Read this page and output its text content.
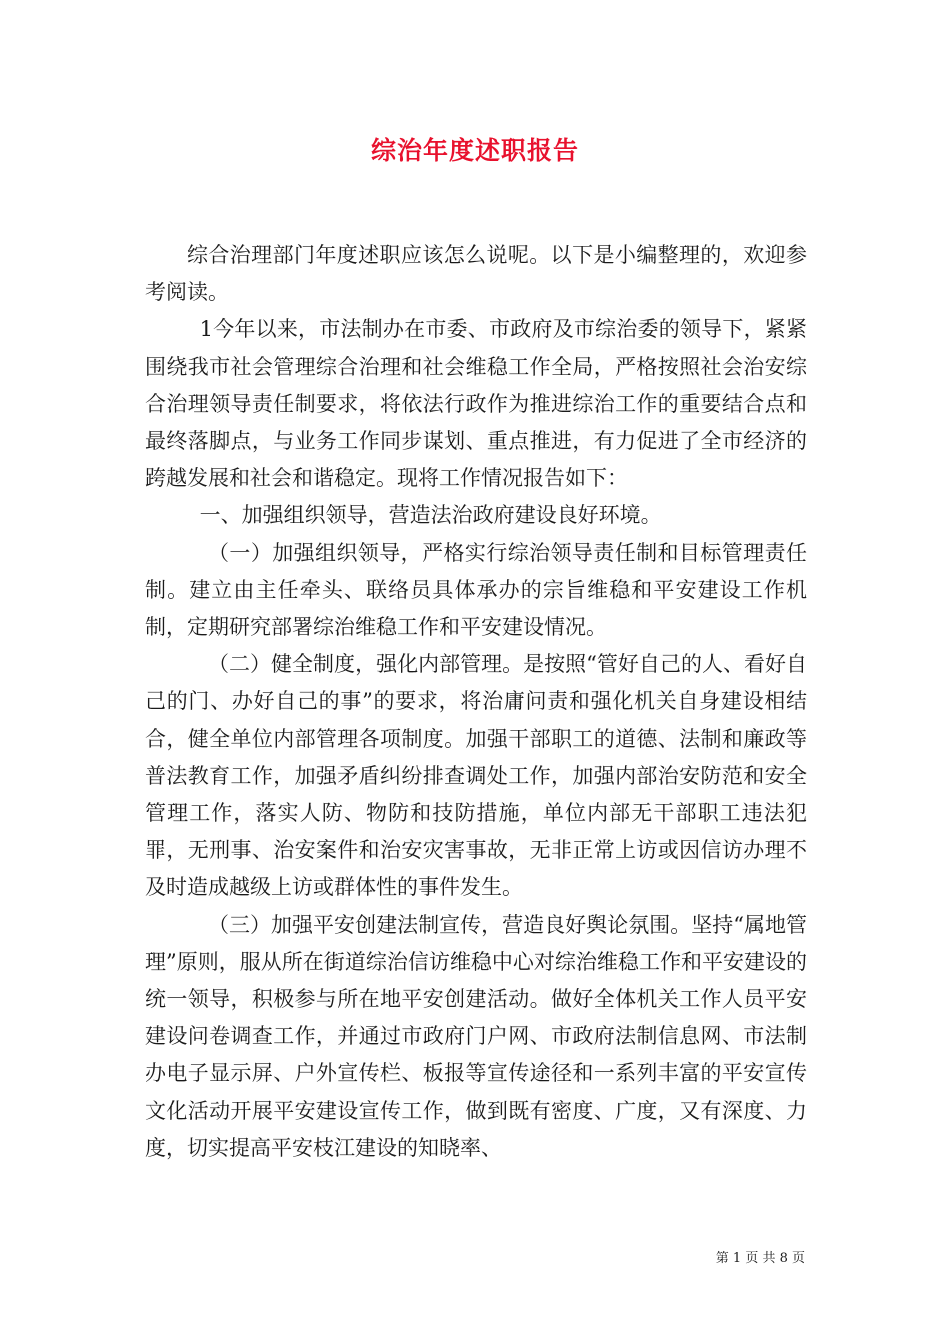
综治年度述职报告

综合治理部门年度述职应该怎么说呢。以下是小编整理的，欢迎参考阅读。

1今年以来，市法制办在市委、市政府及市综治委的领导下，紧紧围绕我市社会管理综合治理和社会维稳工作全局，严格按照社会治安综合治理领导责任制要求，将依法行政作为推进综治工作的重要结合点和最终落脚点，与业务工作同步谋划、重点推进，有力促进了全市经济的跨越发展和社会和谐稳定。现将工作情况报告如下：

一、加强组织领导，营造法治政府建设良好环境。

（一）加强组织领导，严格实行综治领导责任制和目标管理责任制。建立由主任牵头、联络员具体承办的宗旨维稳和平安建设工作机制，定期研究部署综治维稳工作和平安建设情况。

（二）健全制度，强化内部管理。是按照“管好自己的人、看好自己的门、办好自己的事”的要求，将治庸问责和强化机关自身建设相结合，健全单位内部管理各项制度。加强干部职工的道德、法制和廉政等普法教育工作，加强矛盾纠纷排查调处工作，加强内部治安防范和安全管理工作，落实人防、物防和技防措施，单位内部无干部职工违法犯罪，无刑事、治安案件和治安灾害事故，无非正常上访或因信访办理不及时造成越级上访或群体性的事件发生。

（三）加强平安创建法制宣传，营造良好舆论氛围。坚持“属地管理”原则，服从所在街道综治信访维稳中心对综治维稳工作和平安建设的统一领导，积极参与所在地平安创建活动。做好全体机关工作人员平安建设问卷调查工作，并通过市政府门户网、市政府法制信息网、市法制办电子显示屏、户外宣传栏、板报等宣传途径和一系列丰富的平安宣传文化活动开展平安建设宣传工作，做到既有密度、广度，又有深度、力度，切实提高平安枝江建设的知晓率、

第 1 页 共 8 页
